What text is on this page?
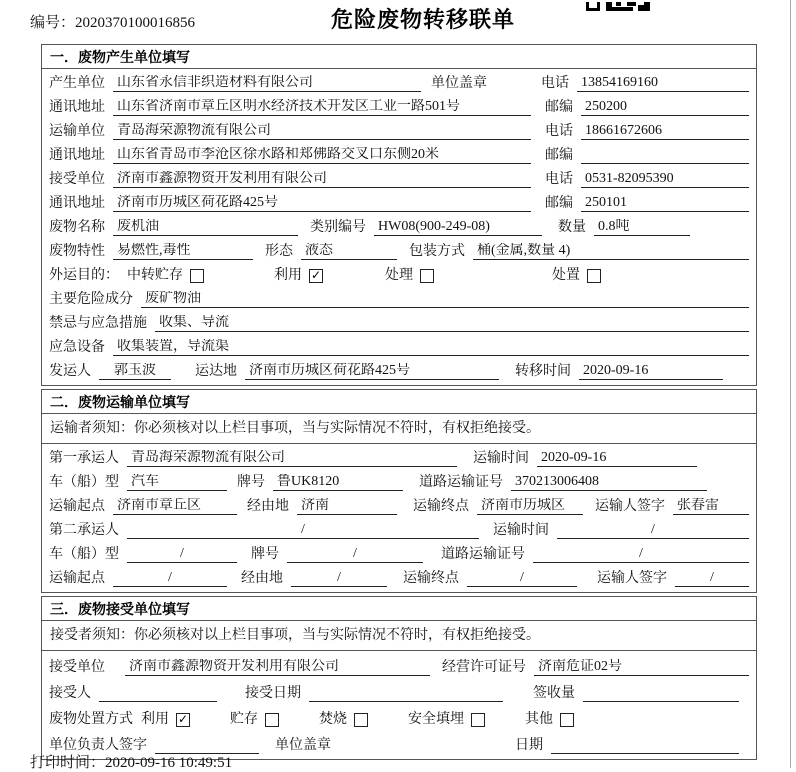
编号：2020370100016856	危险废物转移联单
一．废物产生单位填写
产生单位 山东省永信非织造材料有限公司	单位盖章	电话 13854169160
通讯地址 山东省济南市章丘区明水经济技术开发区工业一路501号	邮编 250200
运输单位 青岛海荣源物流有限公司	电话 18661672606
通讯地址 山东省青岛市李沧区徐水路和郑佛路交叉口东侧20米	邮编
接受单位 济南市鑫源物资开发利用有限公司	电话 0531-82095390
通讯地址 济南市历城区荷花路425号	邮编 250101
废物名称 废机油	类别编号 HW08(900-249-08)	数量 0.8吨
废物特性 易燃性,毒性	形态 液态	包装方式 桶(金属,数量 4)
外运目的： 中转贮存	利用 ✓	处理	处置
主要危险成分 废矿物油
禁忌与应急措施 收集、导流
应急设备 收集装置，导流渠
发运人	郭玉波	运达地 济南市历城区荷花路425号	转移时间 2020-09-16
二．废物运输单位填写
运输者须知：你必须核对以上栏目事项，当与实际情况不符时，有权拒绝接受。
第一承运人 青岛海荣源物流有限公司	运输时间 2020-09-16
车（船）型 汽车	牌号 鲁UK8120	道路运输证号 370213006408
运输起点 济南市章丘区	经由地 济南	运输终点 济南市历城区	运输人签字 张春雷
第二承运人	/	运输时间	/
车（船）型	/	牌号	/	道路运输证号	/
运输起点	/	经由地	/	运输终点	/	运输人签字	/
三．废物接受单位填写
接受者须知：你必须核对以上栏目事项，当与实际情况不符时，有权拒绝接受。
接受单位 济南市鑫源物资开发利用有限公司	经营许可证号 济南危证02号
接受人	接受日期	签收量
废物处置方式 利用 ✓	贮存	焚烧	安全填埋	其他
单位负责人签字	单位盖章	日期
打印时间：2020-09-16 10:49:51
